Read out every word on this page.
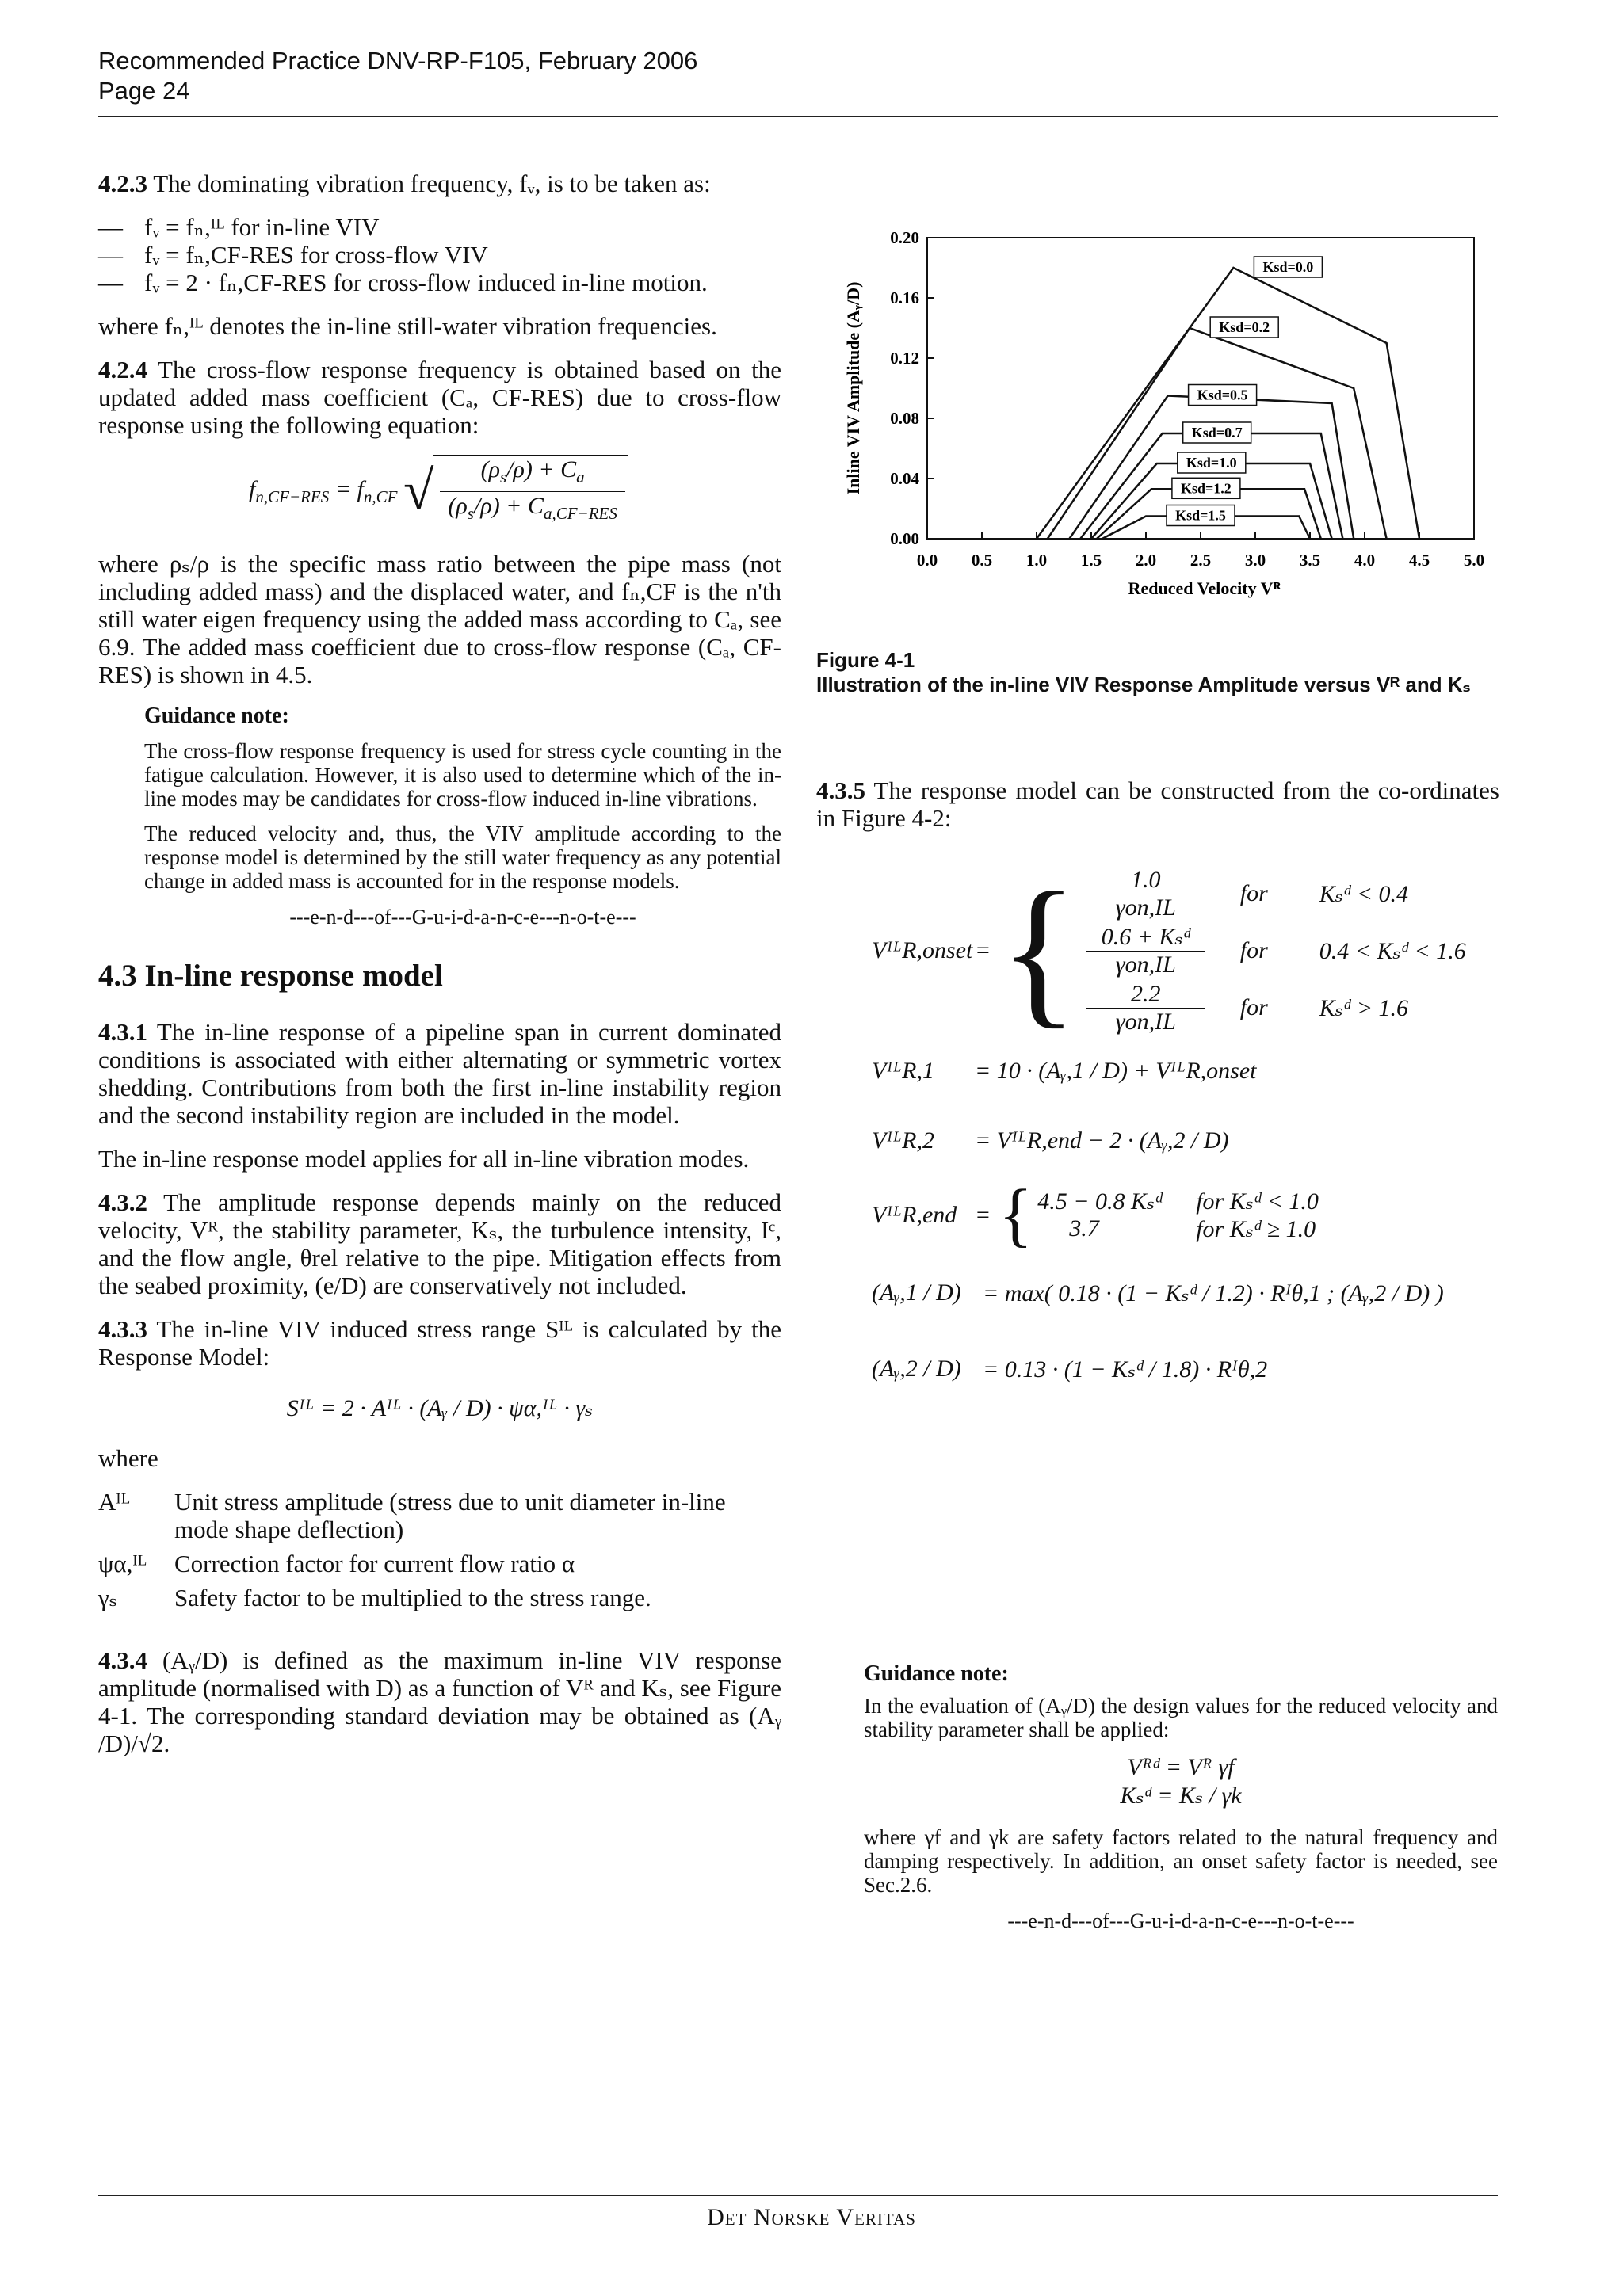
Recommended Practice DNV-RP-F105, February 2006
Page 24

4.2.3 The dominating vibration frequency, fᵥ, is to be taken as:

— fᵥ = fₙ,ᴵᴸ for in-line VIV
— fᵥ = fₙ,CF-RES for cross-flow VIV
— fᵥ = 2 · fₙ,CF-RES for cross-flow induced in-line motion.

where fₙ,ᴵᴸ denotes the in-line still-water vibration frequencies.

4.2.4 The cross-flow response frequency is obtained based on the updated added mass coefficient (Cₐ, CF-RES) due to cross-flow response using the following equation:

$f_{n,CF-RES} = f_{n,CF}$ √ $\frac{(\rho_s/\rho) + C_a}{(\rho_s/\rho) + C_{a,CF-RES}}$

where ρₛ/ρ is the specific mass ratio between the pipe mass (not including added mass) and the displaced water, and fₙ,CF is the n'th still water eigen frequency using the added mass according to Cₐ, see 6.9. The added mass coefficient due to cross-flow response (Cₐ, CF-RES) is shown in 4.5.

Guidance note:

The cross-flow response frequency is used for stress cycle counting in the fatigue calculation. However, it is also used to determine which of the in-line modes may be candidates for cross-flow induced in-line vibrations.

The reduced velocity and, thus, the VIV amplitude according to the response model is determined by the still water frequency as any potential change in added mass is accounted for in the response models.

---e-n-d---of---G-u-i-d-a-n-c-e---n-o-t-e---
4.3 In-line response model

4.3.1 The in-line response of a pipeline span in current dominated conditions is associated with either alternating or symmetric vortex shedding. Contributions from both the first in-line instability region and the second instability region are included in the model.

The in-line response model applies for all in-line vibration modes.

4.3.2 The amplitude response depends mainly on the reduced velocity, Vᴿ, the stability parameter, Kₛ, the turbulence intensity, Iᶜ, and the flow angle, θrel relative to the pipe. Mitigation effects from the seabed proximity, (e/D) are conservatively not included.

4.3.3 The in-line VIV induced stress range Sᴵᴸ is calculated by the Response Model:

Sᴵᴸ = 2 · Aᴵᴸ · (Aᵧ / D) · ψα,ᴵᴸ · γₛ

where

Aᴵᴸ	Unit stress amplitude (stress due to unit diameter in-line mode shape deflection)
ψα,ᴵᴸ	Correction factor for current flow ratio α
γₛ	Safety factor to be multiplied to the stress range.

4.3.4 (Aᵧ/D) is defined as the maximum in-line VIV response amplitude (normalised with D) as a function of Vᴿ and Kₛ, see Figure 4-1. The corresponding standard deviation may be obtained as (Aᵧ /D)/√2.

0.0 0.5 1.0 1.5 2.0 2.5 3.0 3.5 4.0 4.5 5.0
0.00
0.04
0.08
0.12
0.16
0.20
Ksd=0.0
Ksd=0.2
Ksd=0.5
Ksd=0.7
Ksd=1.0
Ksd=1.2
Ksd=1.5
Reduced Velocity Vᴿ
Inline VIV Amplitude (Aᵧ/D)
Figure 4-1
Illustration of the in-line VIV Response Amplitude versus Vᴿ and Kₛ

4.3.5 The response model can be constructed from the co-ordinates in Figure 4-2:

VᴵᴸR,onset = { $\frac{1.0}{\text{γon,IL}}$ for	Kₛᵈ < 0.4
$\frac{\text{0.6 + Kₛᵈ}}{\text{γon,IL}}$ for	0.4 < Kₛᵈ < 1.6
$\frac{2.2}{\text{γon,IL}}$ for	Kₛᵈ > 1.6
VᴵᴸR,1	= 10 · (Aᵧ,1 / D) + VᴵᴸR,onset
VᴵᴸR,2	= VᴵᴸR,end − 2 · (Aᵧ,2 / D)
VᴵᴸR,end = { 4.5 − 0.8 Kₛᵈ	for Kₛᵈ < 1.0
3.7	for Kₛᵈ ≥ 1.0
(Aᵧ,1 / D) = max( 0.18 · (1 − Kₛᵈ / 1.2) · Rᴵθ,1 ; (Aᵧ,2 / D) )
(Aᵧ,2 / D) = 0.13 · (1 − Kₛᵈ / 1.8) · Rᴵθ,2
Guidance note:

In the evaluation of (Aᵧ/D) the design values for the reduced velocity and stability parameter shall be applied:

Vᴿᵈ = Vᴿ γf
Kₛᵈ = Kₛ / γk

where γf and γk are safety factors related to the natural frequency and damping respectively. In addition, an onset safety factor is needed, see Sec.2.6.

---e-n-d---of---G-u-i-d-a-n-c-e---n-o-t-e---
Det Norske Veritas
